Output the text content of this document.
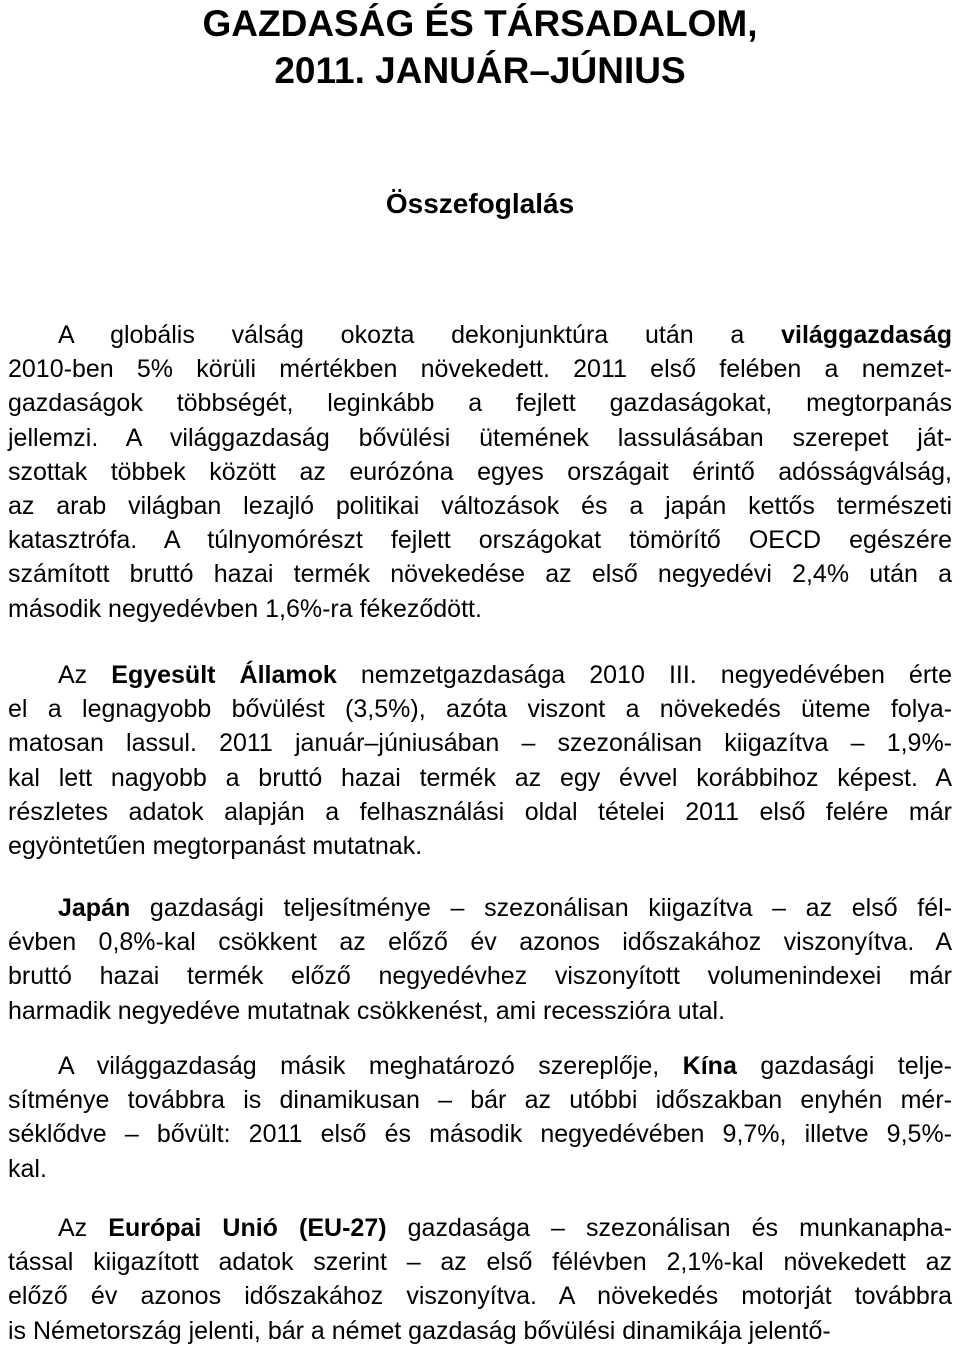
GAZDASÁG ÉS TÁRSADALOM,
2011. JANUÁR–JÚNIUS
Összefoglalás
A globális válság okozta dekonjunktúra után a világgazdaság
2010-ben 5% körüli mértékben növekedett. 2011 első felében a nemzet-
gazdaságok többségét, leginkább a fejlett gazdaságokat, megtorpanás
jellemzi. A világgazdaság bővülési ütemének lassulásában szerepet ját-
szottak többek között az eurózóna egyes országait érintő adósságválság,
az arab világban lezajló politikai változások és a japán kettős természeti
katasztrófa. A túlnyomórészt fejlett országokat tömörítő OECD egészére
számított bruttó hazai termék növekedése az első negyedévi 2,4% után a
második negyedévben 1,6%-ra fékeződött.
Az Egyesült Államok nemzetgazdasága 2010 III. negyedévében érte
el a legnagyobb bővülést (3,5%), azóta viszont a növekedés üteme folya-
matosan lassul. 2011 január–júniusában – szezonálisan kiigazítva – 1,9%-
kal lett nagyobb a bruttó hazai termék az egy évvel korábbihoz képest. A
részletes adatok alapján a felhasználási oldal tételei 2011 első felére már
egyöntetűen megtorpanást mutatnak.
Japán gazdasági teljesítménye – szezonálisan kiigazítva – az első fél-
évben 0,8%-kal csökkent az előző év azonos időszakához viszonyítva. A
bruttó hazai termék előző negyedévhez viszonyított volumenindexei már
harmadik negyedéve mutatnak csökkenést, ami recesszióra utal.
A világgazdaság másik meghatározó szereplője, Kína gazdasági telje-
sítménye továbbra is dinamikusan – bár az utóbbi időszakban enyhén mér-
séklődve – bővült: 2011 első és második negyedévében 9,7%, illetve 9,5%-
kal.
Az Európai Unió (EU-27) gazdasága – szezonálisan és munkanapha-
tással kiigazított adatok szerint – az első félévben 2,1%-kal növekedett az
előző év azonos időszakához viszonyítva. A növekedés motorját továbbra
is Németország jelenti, bár a német gazdaság bővülési dinamikája jelentő-
